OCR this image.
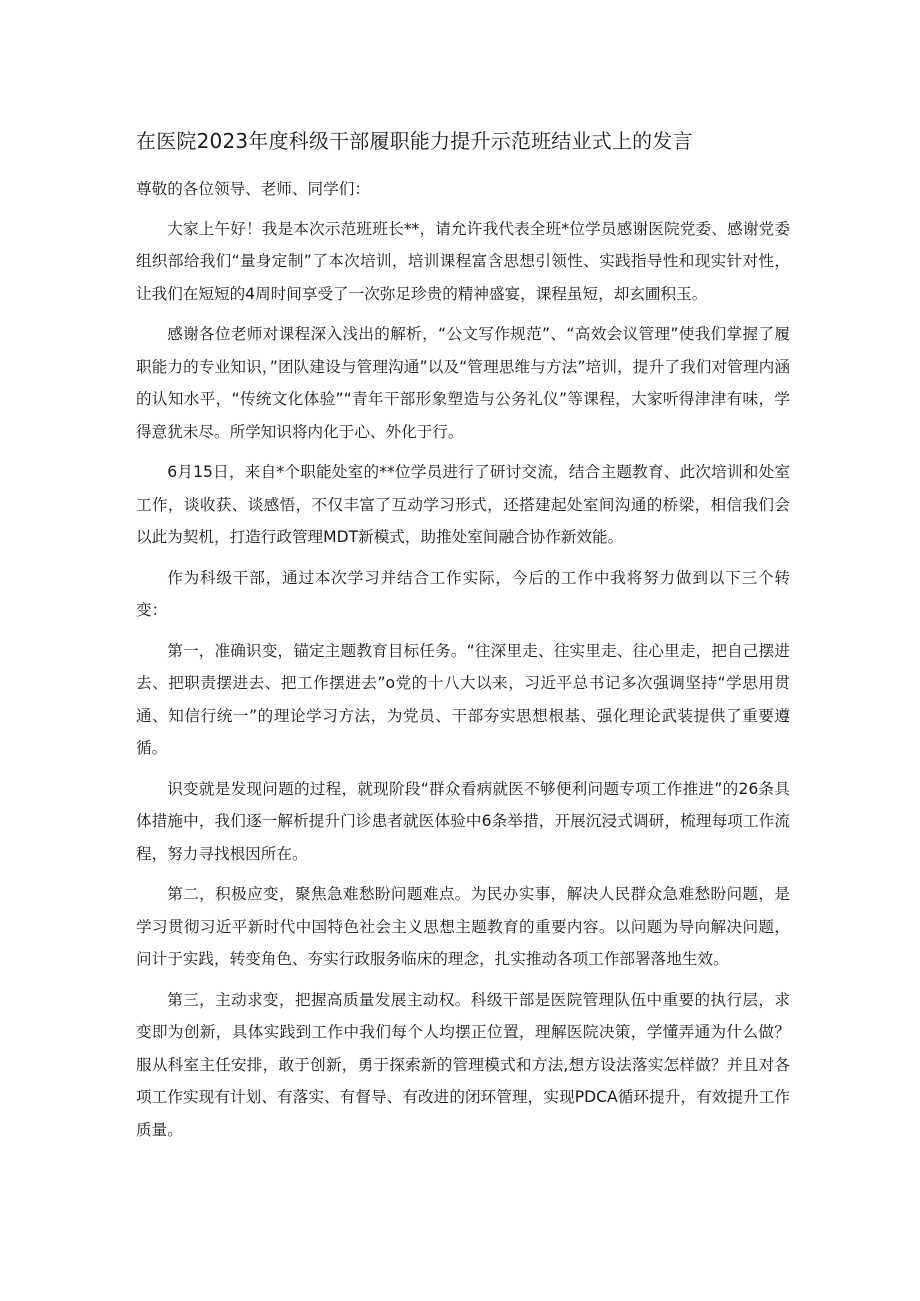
在医院2023年度科级干部履职能力提升示范班结业式上的发言

尊敬的各位领导、老师、同学们：

大家上午好！我是本次示范班班长**，请允许我代表全班*位学员感谢医院党委、感谢党委组织部给我们“量身定制”了本次培训，培训课程富含思想引领性、实践指导性和现实针对性，让我们在短短的4周时间享受了一次弥足珍贵的精神盛宴，课程虽短，却玄圃积玉。

感谢各位老师对课程深入浅出的解析，“公文写作规范”、“高效会议管理”使我们掌握了履职能力的专业知识，”团队建设与管理沟通”以及“管理思维与方法”培训，提升了我们对管理内涵的认知水平，“传统文化体验”“青年干部形象塑造与公务礼仪”等课程，大家听得津津有味，学得意犹未尽。所学知识将内化于心、外化于行。

6月15日，来自*个职能处室的**位学员进行了研讨交流，结合主题教育、此次培训和处室工作，谈收获、谈感悟，不仅丰富了互动学习形式，还搭建起处室间沟通的桥梁，相信我们会以此为契机，打造行政管理MDT新模式，助推处室间融合协作新效能。

作为科级干部，通过本次学习并结合工作实际，今后的工作中我将努力做到以下三个转变：

第一，准确识变，锚定主题教育目标任务。“往深里走、往实里走、往心里走，把自己摆进去、把职责摆进去、把工作摆进去”o党的十八大以来，习近平总书记多次强调坚持“学思用贯通、知信行统一”的理论学习方法，为党员、干部夯实思想根基、强化理论武装提供了重要遵循。

识变就是发现问题的过程，就现阶段“群众看病就医不够便利问题专项工作推进”的26条具体措施中，我们逐一解析提升门诊患者就医体验中6条举措，开展沉浸式调研，梳理每项工作流程，努力寻找根因所在。

第二，积极应变，聚焦急难愁盼问题难点。为民办实事，解决人民群众急难愁盼问题，是学习贯彻习近平新时代中国特色社会主义思想主题教育的重要内容。以问题为导向解决问题，问计于实践，转变角色、夯实行政服务临床的理念，扎实推动各项工作部署落地生效。

第三，主动求变，把握高质量发展主动权。科级干部是医院管理队伍中重要的执行层，求变即为创新，具体实践到工作中我们每个人均摆正位置，理解医院决策，学懂弄通为什么做？服从科室主任安排，敢于创新，勇于探索新的管理模式和方法,想方设法落实怎样做？并且对各项工作实现有计划、有落实、有督导、有改进的闭环管理，实现PDCA循环提升，有效提升工作质量。
